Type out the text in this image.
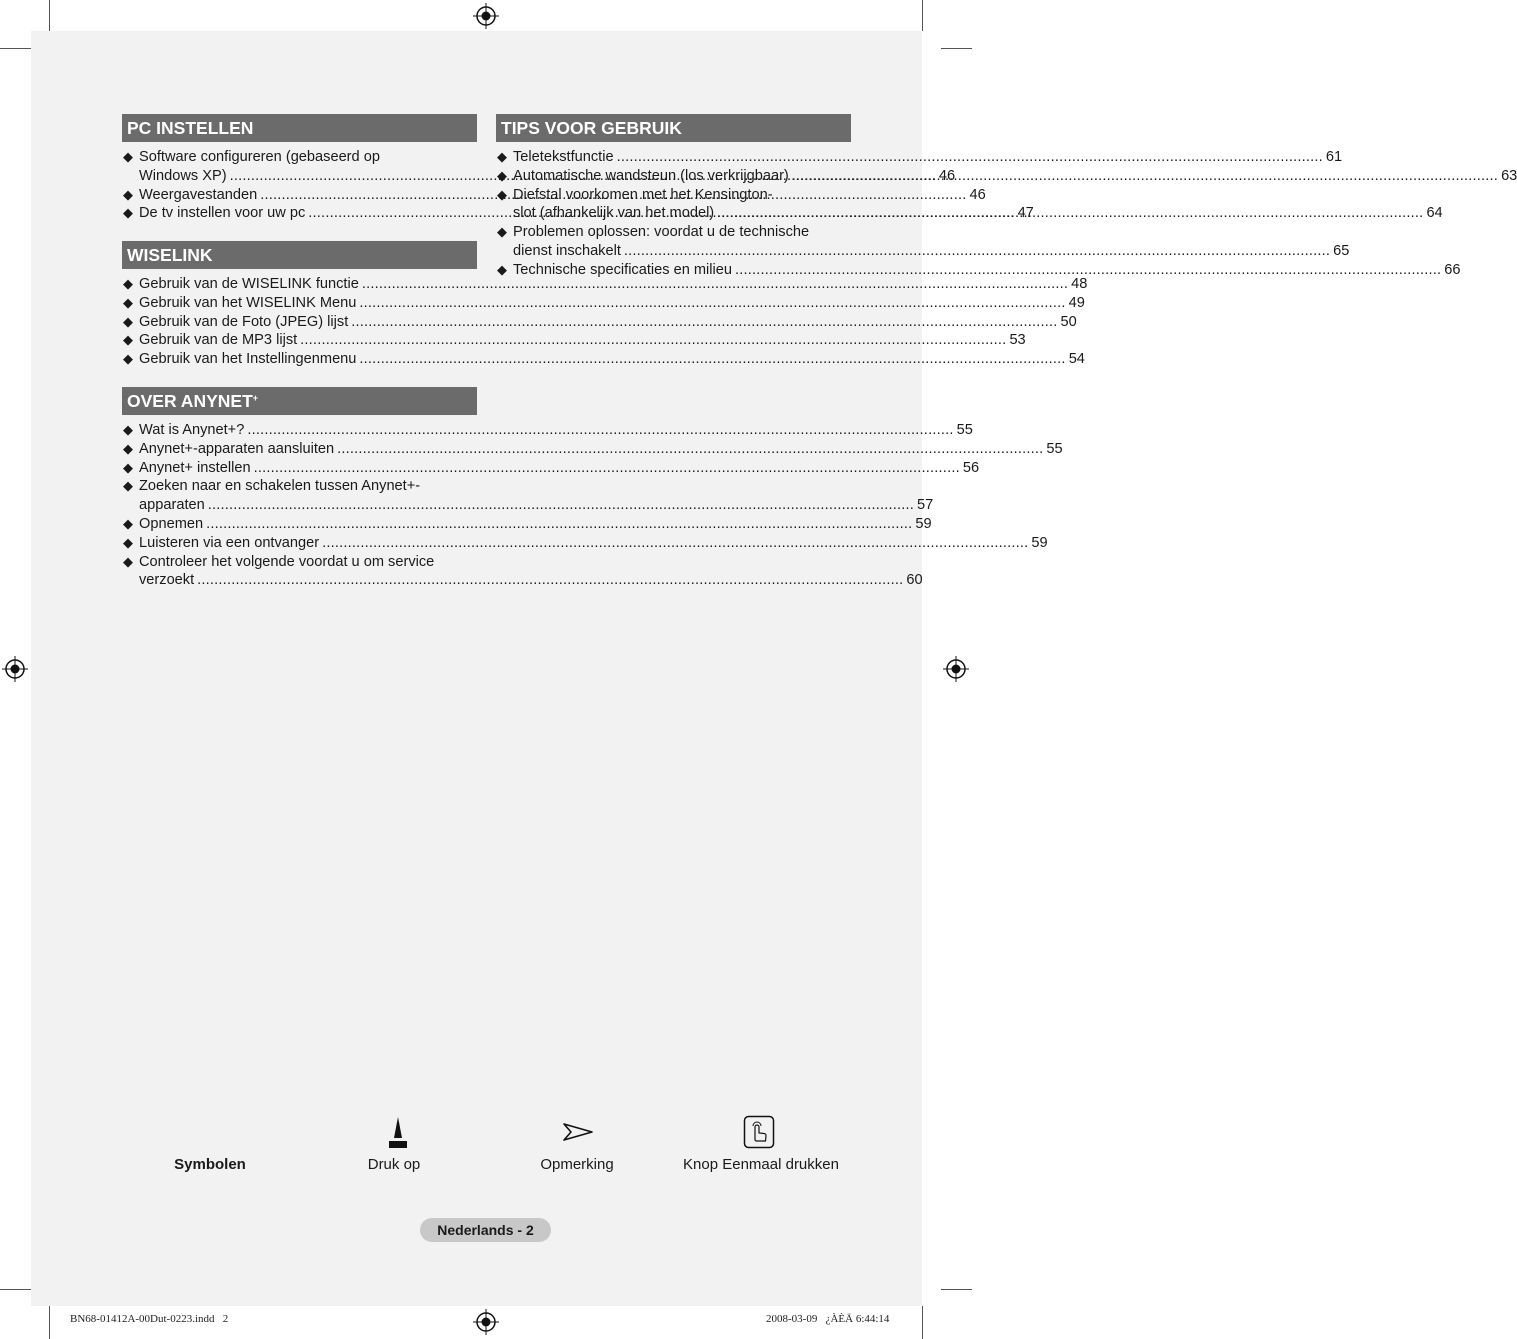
PC INSTELLEN
◆ Software configureren (gebaseerd op
Windows XP) .....	46
◆ Weergavestanden .....	46
◆ De tv instellen voor uw pc .....	47
WISELINK
◆ Gebruik van de WISELINK functie .....	48
◆ Gebruik van het WISELINK Menu .....	49
◆ Gebruik van de Foto (JPEG) lijst .....	50
◆ Gebruik van de MP3 lijst .....	53
◆ Gebruik van het Instellingenmenu .....	54
OVER ANYNET+
◆ Wat is Anynet+? .....	55
◆ Anynet+-apparaten aansluiten .....	55
◆ Anynet+ instellen .....	56
◆ Zoeken naar en schakelen tussen Anynet+-
apparaten .....	57
◆ Opnemen .....	59
◆ Luisteren via een ontvanger .....	59
◆ Controleer het volgende voordat u om service
verzoekt .....	60
TIPS VOOR GEBRUIK
◆ Teletekstfunctie .....	61
◆ Automatische wandsteun (los verkrijgbaar) .....	63
◆ Diefstal voorkomen met het Kensington-
slot (afhankelijk van het model) .....	64
◆ Problemen oplossen: voordat u de technische
dienst inschakelt .....	65
◆ Technische specificaties en milieu .....	66
Symbolen	Druk op	Opmerking	Knop Eenmaal drukken
Nederlands - 2
BN68-01412A-00Dut-0223.indd   2	2008-03-09   ¿ÀÈÄ 6:44:14
